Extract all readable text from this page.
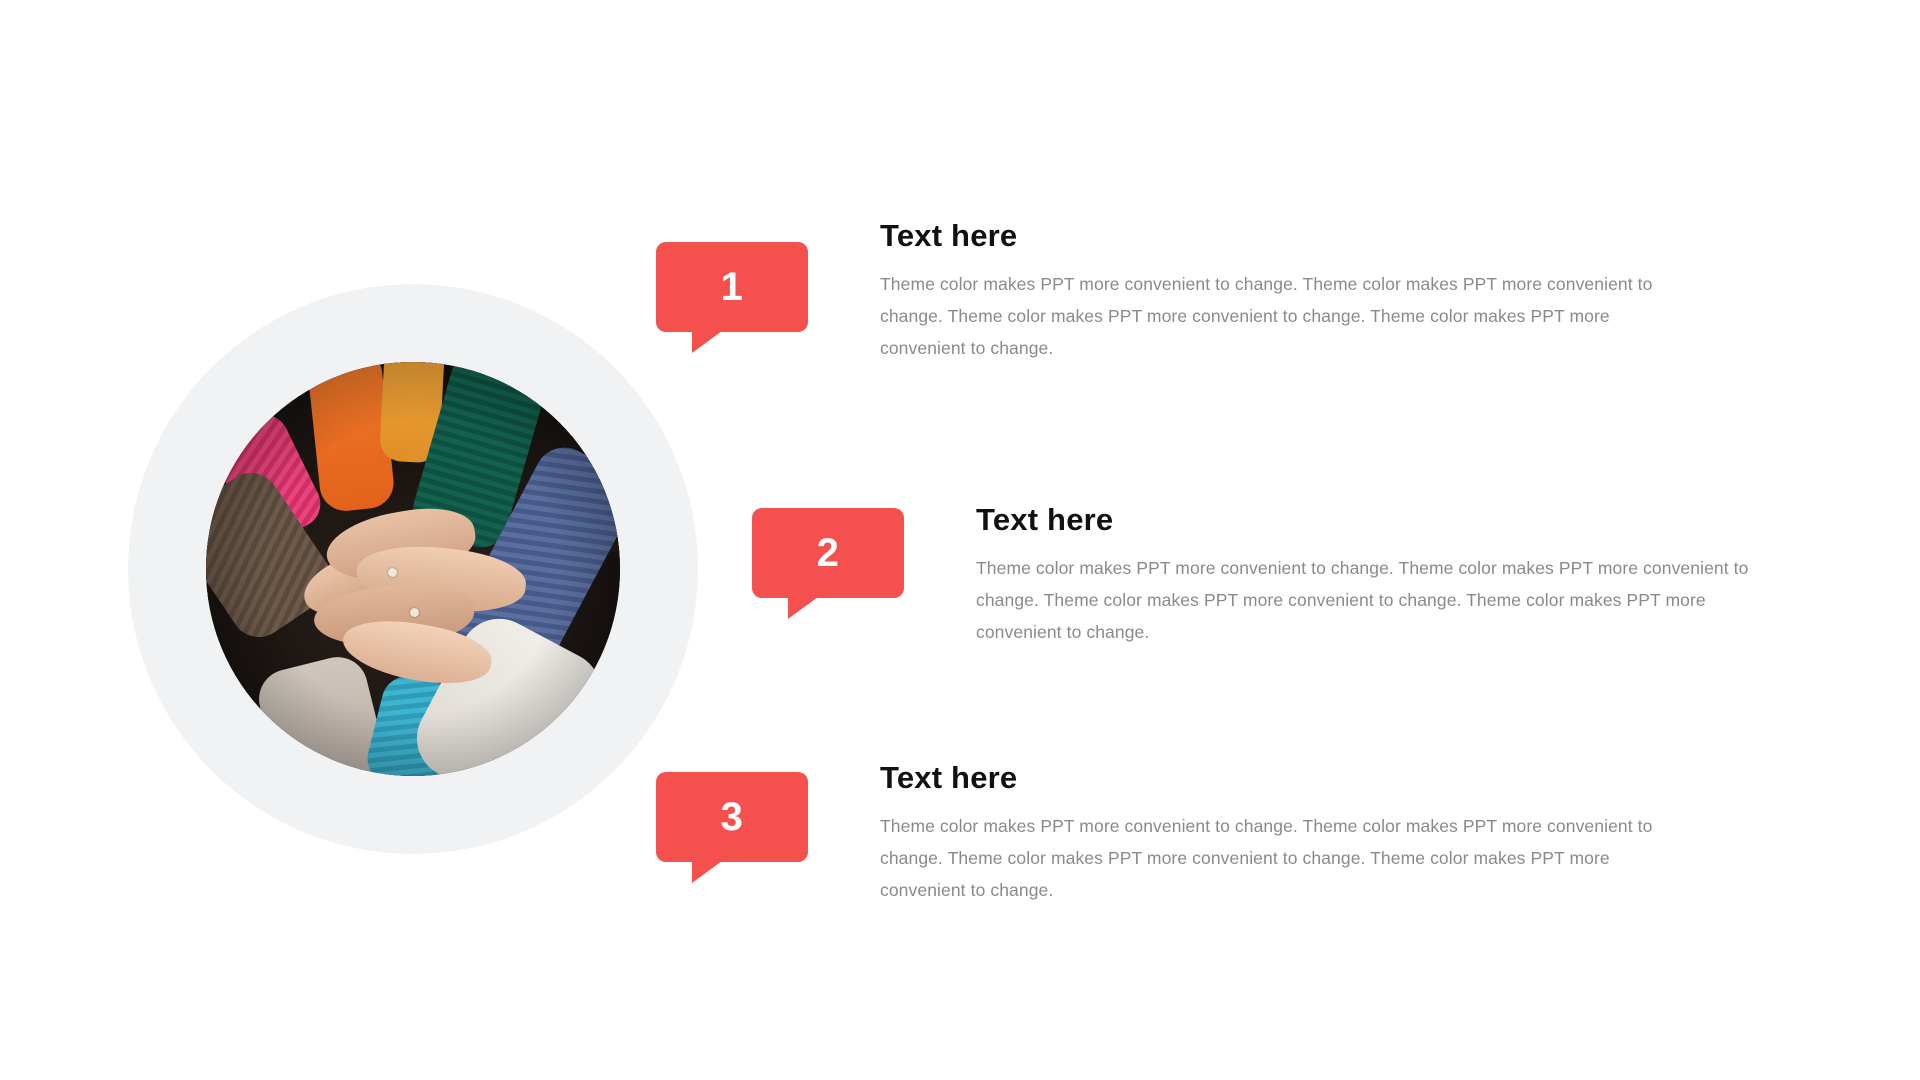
1
Text here

Theme color makes PPT more convenient to change. Theme color makes PPT more convenient to change. Theme color makes PPT more convenient to change. Theme color makes PPT more convenient to change.

2
Text here

Theme color makes PPT more convenient to change. Theme color makes PPT more convenient to change. Theme color makes PPT more convenient to change. Theme color makes PPT more convenient to change.

3
Text here

Theme color makes PPT more convenient to change. Theme color makes PPT more convenient to change. Theme color makes PPT more convenient to change. Theme color makes PPT more convenient to change.
